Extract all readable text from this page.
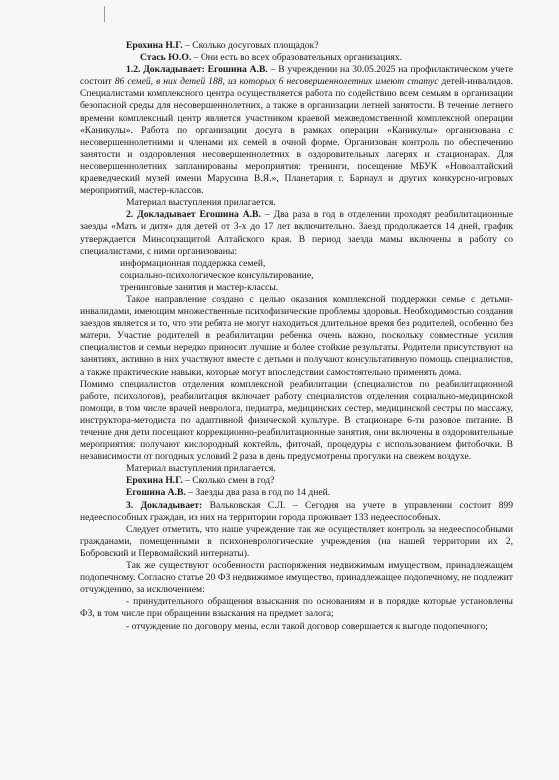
Ерохина Н.Г. – Сколько досуговых площадок?

Стась Ю.О. – Они есть во всех образовательных организациях.

1.2. Докладывает: Егошина А.В. – В учреждении на 30.05.2025 на профилактическом учете состоит 86 семей, в них детей 188, из которых 6 несовершеннолетних имеют статус детей-инвалидов. Специалистами комплексного центра осуществляется работа по содействию всем семьям в организации безопасной среды для несовершеннолетних, а также в организации летней занятости. В течение летнего времени комплексный центр является участником краевой межведомственной комплексной операции «Каникулы». Работа по организации досуга в рамках операции «Каникулы» организована с несовершеннолетними и членами их семей в очной форме. Организован контроль по обеспечению занятости и оздоровления несовершеннолетних в оздоровительных лагерях и стационарах. Для несовершеннолетних запланированы мероприятия: тренинги, посещение МБУК «Новоалтайский краеведческий музей имени Марусина В.Я.», Планетария г. Барнаул и других конкурсно-игровых мероприятий, мастер-классов.

Материал выступления прилагается.

2. Докладывает Егошина А.В. – Два раза в год в отделении проходят реабилитационные заезды «Мать и дитя» для детей от 3-х до 17 лет включительно. Заезд продолжается 14 дней, график утверждается Минсоцзащитой Алтайского края. В период заезда мамы включены в работу со специалистами, с ними организованы:

информационная поддержка семей,

социально-психологическое консультирование,

тренинговые занятия и мастер-классы.

Такое направление создано с целью оказания комплексной поддержки семье с детьми-инвалидами, имеющим множественные психофизические проблемы здоровья. Необходимостью создания заездов является и то, что эти ребята не могут находиться длительное время без родителей, особенно без матери. Участие родителей в реабилитации ребенка очень важно, поскольку совместные усилия специалистов и семьи нередко приносят лучшие и более стойкие результаты. Родители присутствуют на занятиях, активно в них участвуют вместе с детьми и получают консультативную помощь специалистов, а также практические навыки, которые могут впоследствии самостоятельно применять дома.

Помимо специалистов отделения комплексной реабилитации (специалистов по реабилитационной работе, психологов), реабилитация включает работу специалистов отделения социально-медицинской помощи, в том числе врачей невролога, педиатра, медицинских сестер, медицинской сестры по массажу, инструктора-методиста по адаптивной физической культуре. В стационаре 6-ти разовое питание. В течение дня дети посещают коррекционно-реабилитационные занятия, они включены в оздоровительные мероприятия: получают кислородный коктейль, фиточай, процедуры с использованием фитобочки. В независимости от погодных условий 2 раза в день предусмотрены прогулки на свежем воздухе.

Материал выступления прилагается.

Ерохина Н.Г. – Сколько смен в год?

Егошина А.В. – Заезды два раза в год по 14 дней.

3. Докладывает: Вальковская С.Л. – Сегодня на учете в управлении состоит 899 недееспособных граждан, из них на территории города проживает 133 недееспособных.

Следует отметить, что наше учреждение так же осуществляет контроль за недееспособными гражданами, помещенными в психоневрологические учреждения (на нашей территории их 2, Бобровский и Первомайский интернаты).

Так же существуют особенности распоряжения недвижимым имуществом, принадлежащем подопечному. Согласно статье 20 ФЗ недвижимое имущество, принадлежащее подопечному, не подлежит отчуждению, за исключением:

- принудительного обращения взыскания по основаниям и в порядке которые установлены ФЗ, в том числе при обращении взыскания на предмет залога;

- отчуждение по договору мены, если такой договор совершается к выгоде подопечного;
